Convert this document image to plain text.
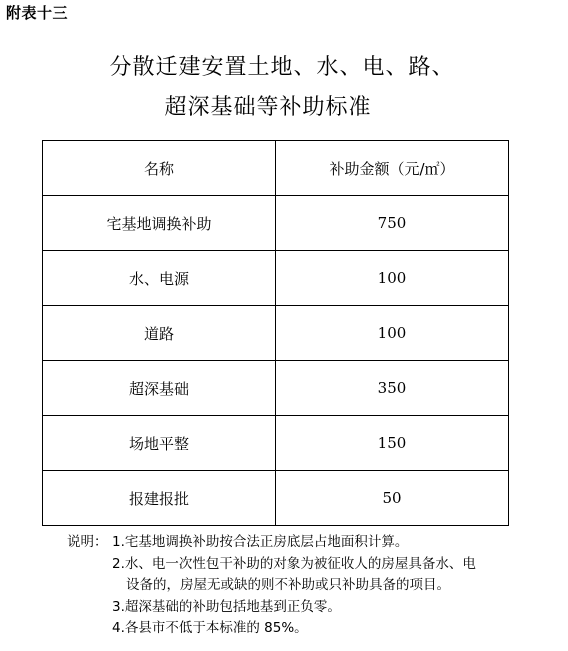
附表十三
分散迁建安置土地、水、电、路、
超深基础等补助标准
名称	补助金额（元/㎡）
宅基地调换补助	750
水、电源	100
道路	100
超深基础	350
场地平整	150
报建报批	50
说明： 1.宅基地调换补助按合法正房底层占地面积计算。
2.水、电一次性包干补助的对象为被征收人的房屋具备水、电
设备的，房屋无或缺的则不补助或只补助具备的项目。
3.超深基础的补助包括地基到正负零。
4.各县市不低于本标准的 85%。
